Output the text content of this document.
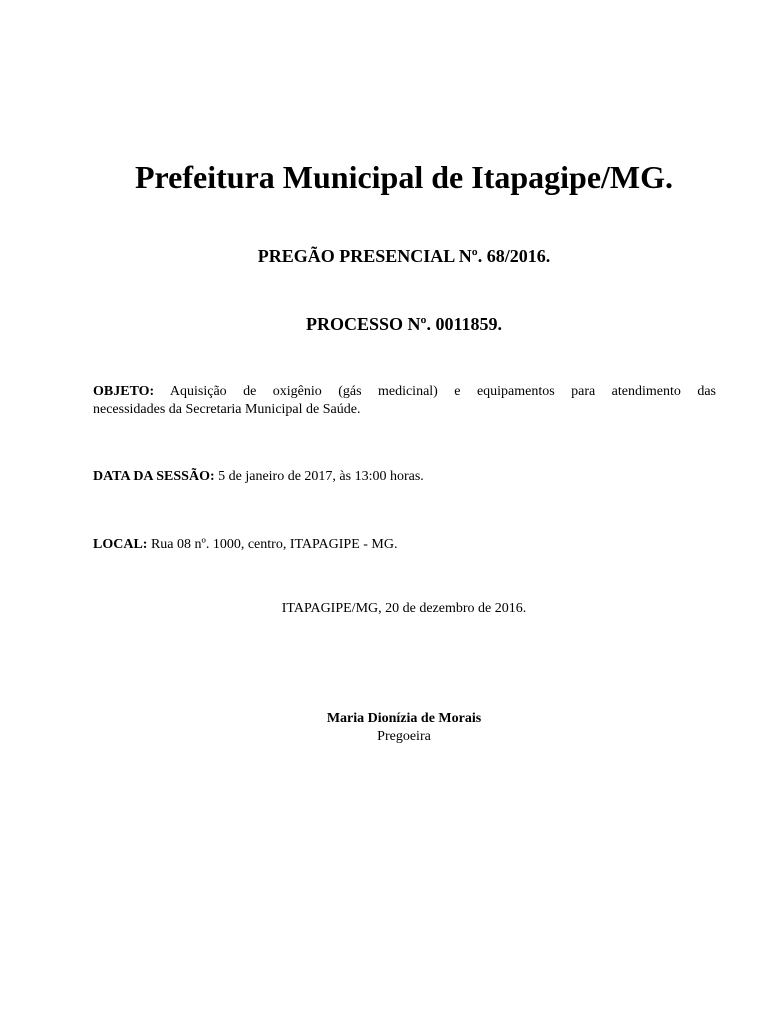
Prefeitura Municipal de Itapagipe/MG.

PREGÃO PRESENCIAL Nº. 68/2016.

PROCESSO Nº. 0011859.

OBJETO: Aquisição de oxigênio (gás medicinal) e equipamentos para atendimento das
necessidades da Secretaria Municipal de Saúde.

DATA DA SESSÃO: 5 de janeiro de 2017, às 13:00 horas.

LOCAL: Rua 08 nº. 1000, centro, ITAPAGIPE - MG.

ITAPAGIPE/MG, 20 de dezembro de 2016.

Maria Dionízia de Morais
Pregoeira
